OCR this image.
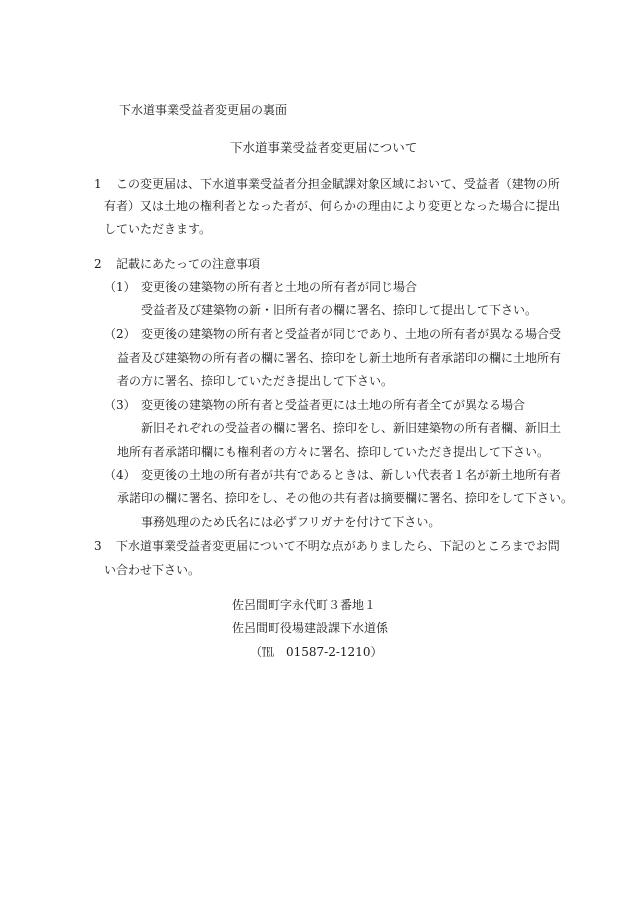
下水道事業受益者変更届の裏面
下水道事業受益者変更届について
1 この変更届は、下水道事業受益者分担金賦課対象区域において、受益者（建物の所
有者）又は土地の権利者となった者が、何らかの理由により変更となった場合に提出
していただきます。
2 記載にあたっての注意事項
（1） 変更後の建築物の所有者と土地の所有者が同じ場合
受益者及び建築物の新・旧所有者の欄に署名、捺印して提出して下さい。
（2） 変更後の建築物の所有者と受益者が同じであり、土地の所有者が異なる場合受
益者及び建築物の所有者の欄に署名、捺印をし新土地所有者承諾印の欄に土地所有
者の方に署名、捺印していただき提出して下さい。
（3） 変更後の建築物の所有者と受益者更には土地の所有者全てが異なる場合
新旧それぞれの受益者の欄に署名、捺印をし、新旧建築物の所有者欄、新旧土
地所有者承諾印欄にも権利者の方々に署名、捺印していただき提出して下さい。
（4） 変更後の土地の所有者が共有であるときは、新しい代表者１名が新土地所有者
承諾印の欄に署名、捺印をし、その他の共有者は摘要欄に署名、捺印をして下さい。
事務処理のため氏名には必ずフリガナを付けて下さい。
3 下水道事業受益者変更届について不明な点がありましたら、下記のところまでお問
い合わせ下さい。
佐呂間町字永代町３番地１
佐呂間町役場建設課下水道係
（℡　01587-2-1210）
